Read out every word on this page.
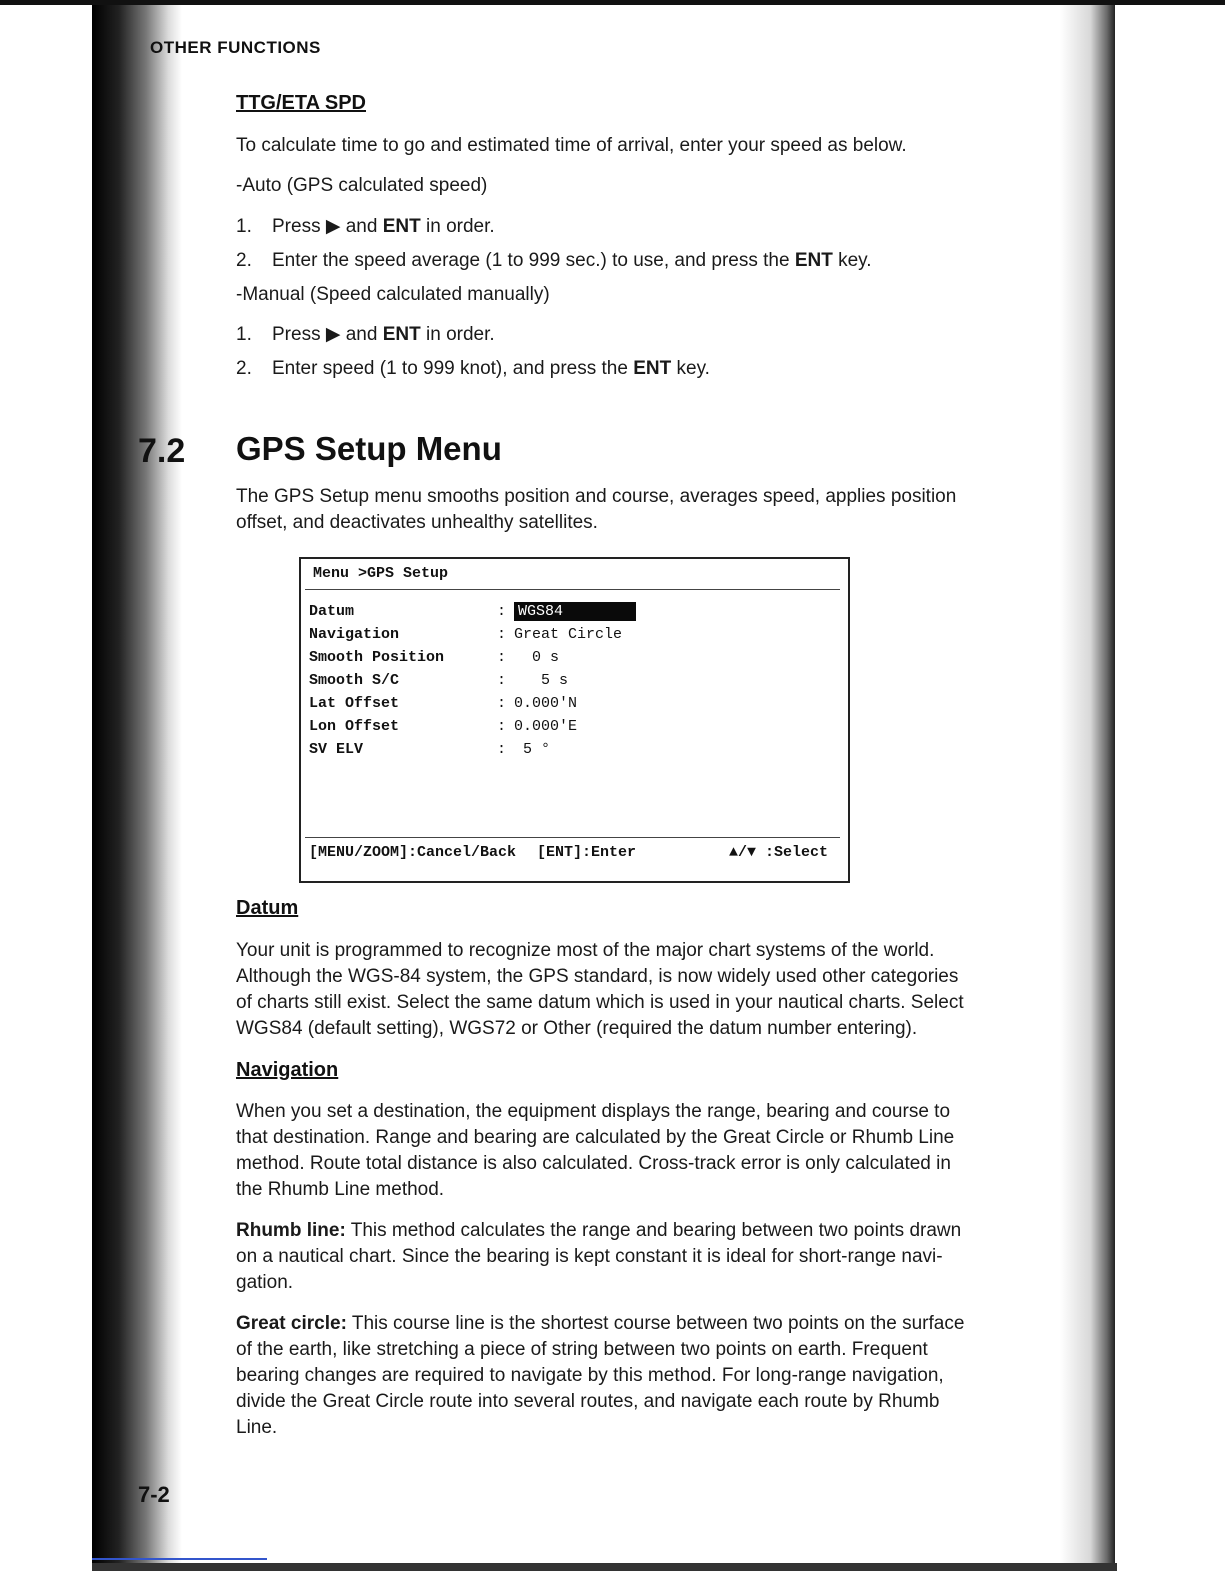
OTHER FUNCTIONS
TTG/ETA SPD
To calculate time to go and estimated time of arrival, enter your speed as below.
-Auto (GPS calculated speed)
1. Press ▶ and ENT in order.
2. Enter the speed average (1 to 999 sec.) to use, and press the ENT key.
-Manual (Speed calculated manually)
1. Press ▶ and ENT in order.
2. Enter speed (1 to 999 knot), and press the ENT key.
7.2 GPS Setup Menu
The GPS Setup menu smooths position and course, averages speed, applies position
offset, and deactivates unhealthy satellites.
Menu >GPS Setup
Datum	: WGS84
Navigation	: Great Circle
Smooth Position	: 0 s
Smooth S/C	: 5 s
Lat Offset	: 0.000'N
Lon Offset	: 0.000'E
SV ELV	: 5 °
[MENU/ZOOM]:Cancel/Back [ENT]:Enter	▲/▼ :Select
Datum
Your unit is programmed to recognize most of the major chart systems of the world.
Although the WGS-84 system, the GPS standard, is now widely used other categories
of charts still exist. Select the same datum which is used in your nautical charts. Select
WGS84 (default setting), WGS72 or Other (required the datum number entering).
Navigation
When you set a destination, the equipment displays the range, bearing and course to
that destination. Range and bearing are calculated by the Great Circle or Rhumb Line
method. Route total distance is also calculated. Cross-track error is only calculated in
the Rhumb Line method.
Rhumb line: This method calculates the range and bearing between two points drawn
on a nautical chart. Since the bearing is kept constant it is ideal for short-range navi-
gation.
Great circle: This course line is the shortest course between two points on the surface
of the earth, like stretching a piece of string between two points on earth. Frequent
bearing changes are required to navigate by this method. For long-range navigation,
divide the Great Circle route into several routes, and navigate each route by Rhumb
Line.
7-2
